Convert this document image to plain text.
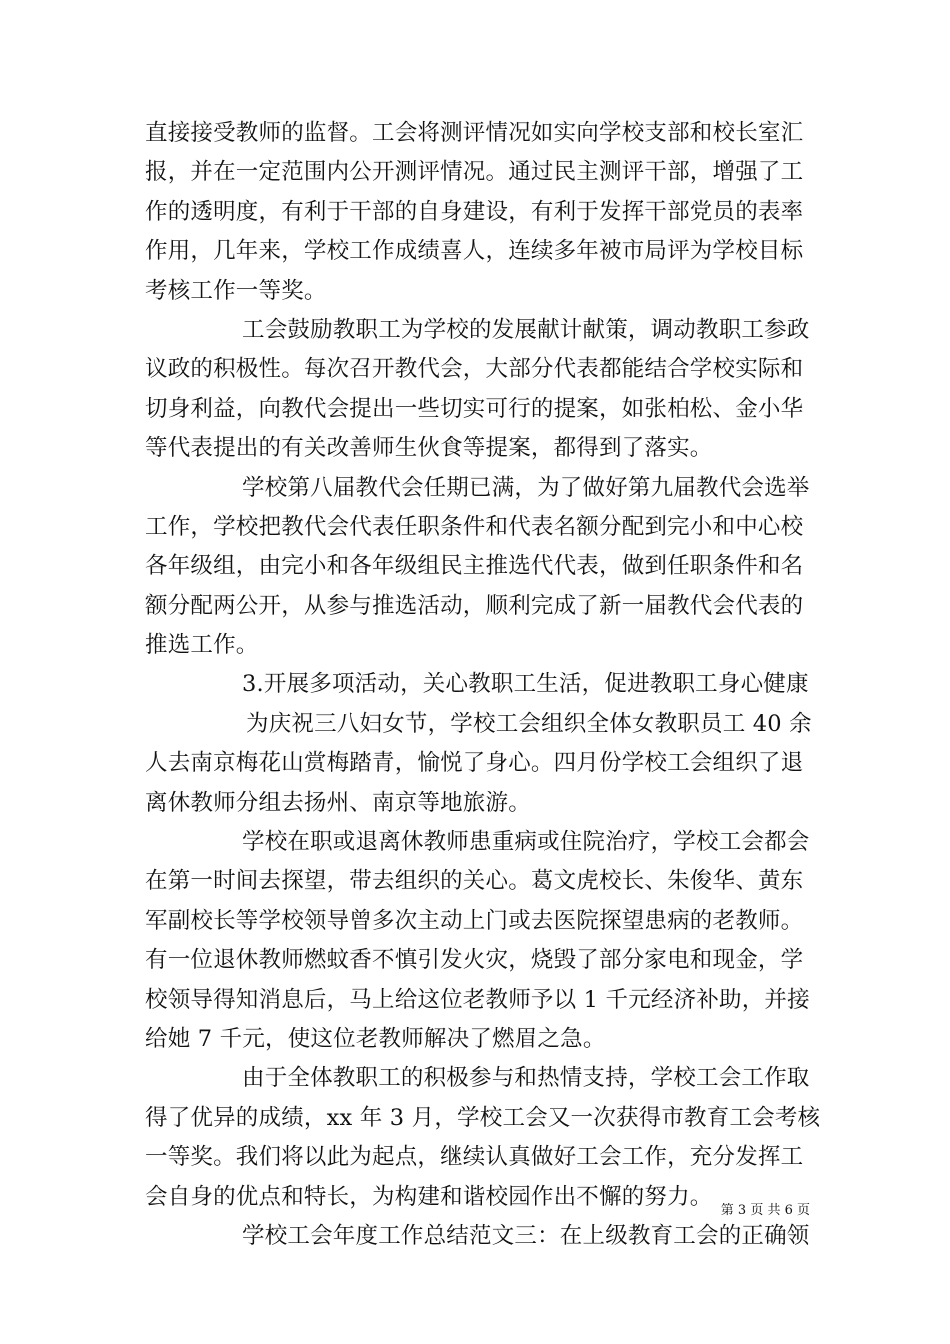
直接接受教师的监督。工会将测评情况如实向学校支部和校长室汇
报，并在一定范围内公开测评情况。通过民主测评干部，增强了工
作的透明度，有利于干部的自身建设，有利于发挥干部党员的表率
作用，几年来，学校工作成绩喜人，连续多年被市局评为学校目标
考核工作一等奖。
工会鼓励教职工为学校的发展献计献策，调动教职工参政
议政的积极性。每次召开教代会，大部分代表都能结合学校实际和
切身利益，向教代会提出一些切实可行的提案，如张柏松、金小华
等代表提出的有关改善师生伙食等提案，都得到了落实。
学校第八届教代会任期已满，为了做好第九届教代会选举
工作，学校把教代会代表任职条件和代表名额分配到完小和中心校
各年级组，由完小和各年级组民主推选代代表，做到任职条件和名
额分配两公开，从参与推选活动，顺利完成了新一届教代会代表的
推选工作。
3.开展多项活动，关心教职工生活，促进教职工身心健康
为庆祝三八妇女节，学校工会组织全体女教职员工 40 余
人去南京梅花山赏梅踏青，愉悦了身心。四月份学校工会组织了退
离休教师分组去扬州、南京等地旅游。
学校在职或退离休教师患重病或住院治疗，学校工会都会
在第一时间去探望，带去组织的关心。葛文虎校长、朱俊华、黄东
军副校长等学校领导曾多次主动上门或去医院探望患病的老教师。
有一位退休教师燃蚊香不慎引发火灾，烧毁了部分家电和现金，学
校领导得知消息后，马上给这位老教师予以 1 千元经济补助，并接
给她 7 千元，使这位老教师解决了燃眉之急。
由于全体教职工的积极参与和热情支持，学校工会工作取
得了优异的成绩，xx 年 3 月，学校工会又一次获得市教育工会考核
一等奖。我们将以此为起点，继续认真做好工会工作，充分发挥工
会自身的优点和特长，为构建和谐校园作出不懈的努力。
学校工会年度工作总结范文三：在上级教育工会的正确领
第 3 页 共 6 页
